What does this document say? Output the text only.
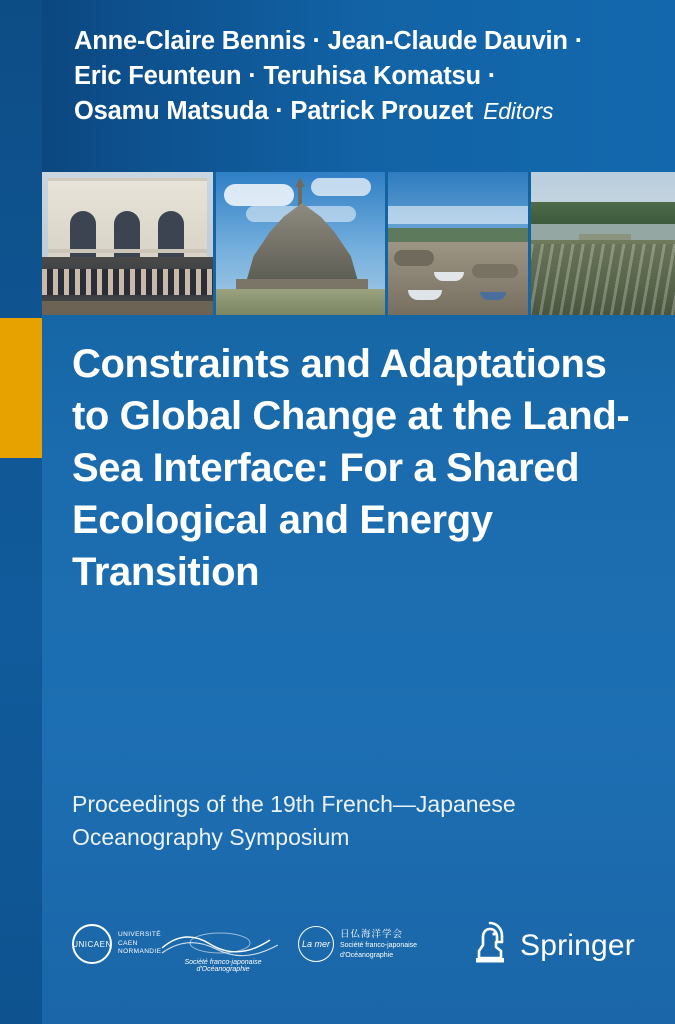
Anne-Claire Bennis · Jean-Claude Dauvin ·
Eric Feunteun · Teruhisa Komatsu ·
Osamu Matsuda · Patrick Prouzet Editors
Constraints and Adaptations to Global Change at the Land-Sea Interface: For a Shared Ecological and Energy Transition
Proceedings of the 19th French—Japanese Oceanography Symposium
UNICAEN
UNIVERSITÉ
CAEN
NORMANDIE
Société franco-japonaise d'Océanographie
La mer
日仏海洋学会
Société franco-japonaise
d'Océanographie	Springer
